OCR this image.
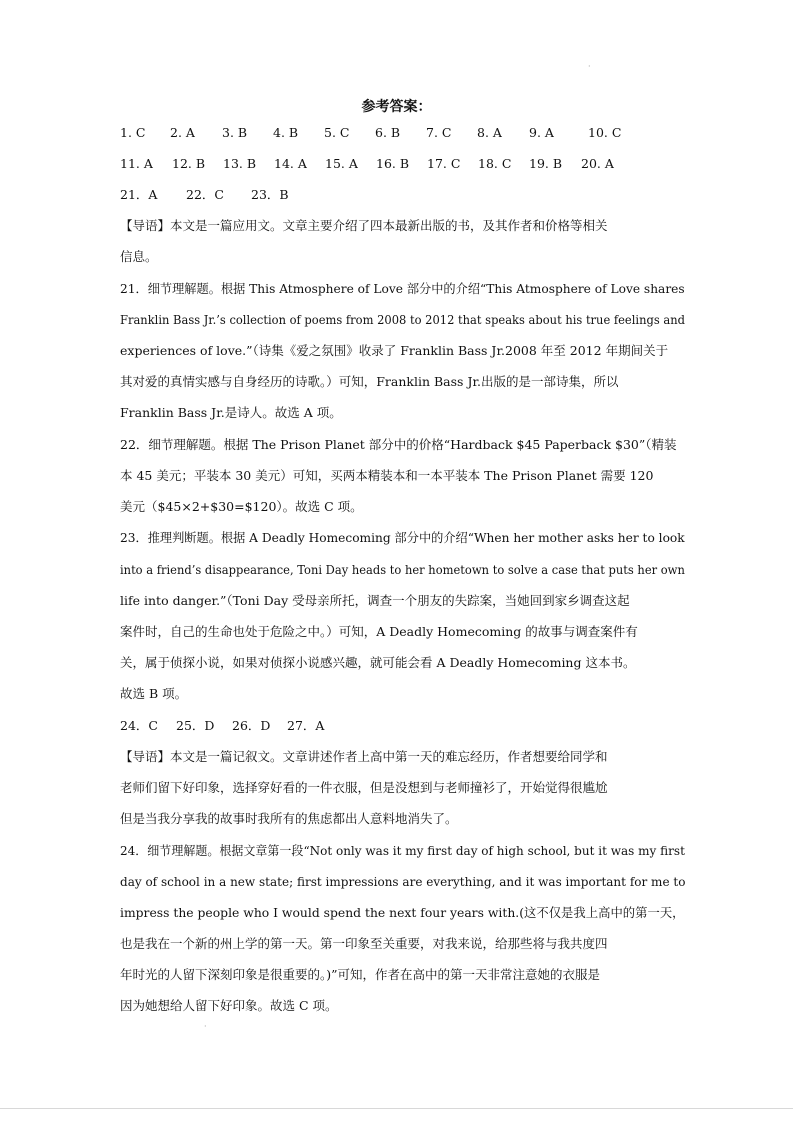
·
参考答案：
1. C 2. A 3. B 4. B 5. C 6. B 7. C 8. A 9. A	10. C
11. A 12. B 13. B 14. A 15. A 16. B 17. C 18. C 19. B 20. A
21．A 22．C 23．B
【导语】本文是一篇应用文。文章主要介绍了四本最新出版的书，及其作者和价格等相关
信息。
21．细节理解题。根据 This Atmosphere of Love 部分中的介绍“This Atmosphere of Love shares
Franklin Bass Jr.’s collection of poems from 2008 to 2012 that speaks about his true feelings and
experiences of love.”（诗集《爱之氛围》收录了 Franklin Bass Jr.2008 年至 2012 年期间关于
其对爱的真情实感与自身经历的诗歌。）可知，Franklin Bass Jr.出版的是一部诗集，所以
Franklin Bass Jr.是诗人。故选 A 项。
22．细节理解题。根据 The Prison Planet 部分中的价格“Hardback $45 Paperback $30”（精装
本 45 美元；平装本 30 美元）可知，买两本精装本和一本平装本 The Prison Planet 需要 120
美元（$45×2+$30=$120）。故选 C 项。
23．推理判断题。根据 A Deadly Homecoming 部分中的介绍“When her mother asks her to look
into a friend’s disappearance, Toni Day heads to her hometown to solve a case that puts her own
life into danger.”（Toni Day 受母亲所托，调查一个朋友的失踪案，当她回到家乡调查这起
案件时，自己的生命也处于危险之中。）可知，A Deadly Homecoming 的故事与调查案件有
关，属于侦探小说，如果对侦探小说感兴趣，就可能会看 A Deadly Homecoming 这本书。
故选 B 项。
24．C 25．D 26．D 27．A
【导语】本文是一篇记叙文。文章讲述作者上高中第一天的难忘经历，作者想要给同学和
老师们留下好印象，选择穿好看的一件衣服，但是没想到与老师撞衫了，开始觉得很尴尬
但是当我分享我的故事时我所有的焦虑都出人意料地消失了。
24．细节理解题。根据文章第一段“Not only was it my first day of high school, but it was my first
day of school in a new state; first impressions are everything, and it was important for me to
impress the people who I would spend the next four years with.(这不仅是我上高中的第一天，
也是我在一个新的州上学的第一天。第一印象至关重要，对我来说，给那些将与我共度四
年时光的人留下深刻印象是很重要的。)”可知，作者在高中的第一天非常注意她的衣服是
因为她想给人留下好印象。故选 C 项。
·
